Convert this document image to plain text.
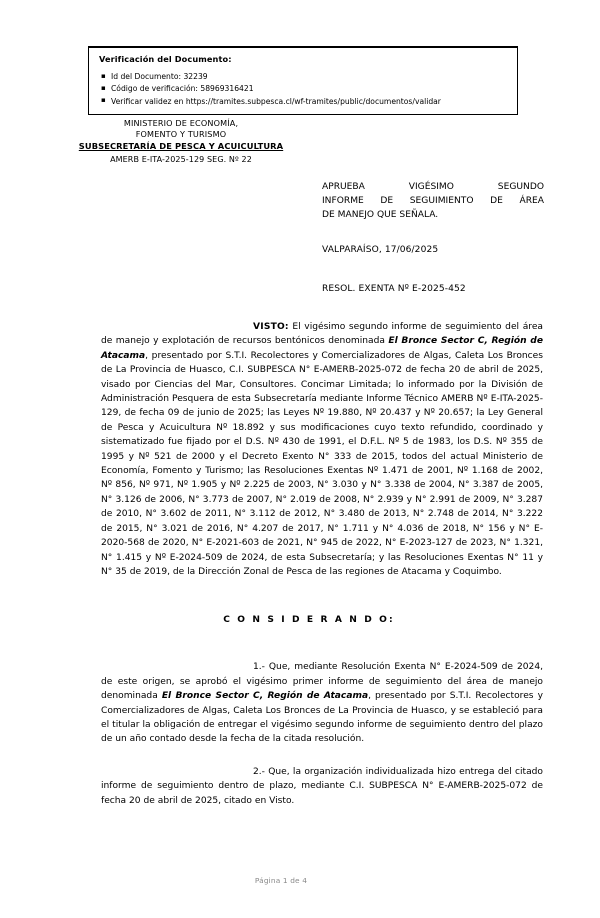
Verificación del Documento:
▪ Id del Documento: 32239
▪ Código de verificación: 58969316421
▪ Verificar validez en https://tramites.subpesca.cl/wf-tramites/public/documentos/validar
MINISTERIO DE ECONOMÍA,
FOMENTO Y TURISMO
SUBSECRETARÍA DE PESCA Y ACUICULTURA
AMERB E-ITA-2025-129 SEG. Nº 22
APRUEBA VIGÉSIMO SEGUNDO
INFORME DE SEGUIMIENTO DE ÁREA
DE MANEJO QUE SEÑALA.
VALPARAÍSO, 17/06/2025
RESOL. EXENTA Nº E-2025-452

VISTO: El vigésimo segundo informe de seguimiento del área de manejo y explotación de recursos bentónicos denominada El Bronce Sector C, Región de Atacama, presentado por S.T.I. Recolectores y Comercializadores de Algas, Caleta Los Bronces de La Provincia de Huasco, C.I. SUBPESCA N° E-AMERB-2025-072 de fecha 20 de abril de 2025, visado por Ciencias del Mar, Consultores. Concimar Limitada; lo informado por la División de Administración Pesquera de esta Subsecretaría mediante Informe Técnico AMERB Nº E-ITA-2025-129, de fecha 09 de junio de 2025; las Leyes Nº 19.880, Nº 20.437 y Nº 20.657; la Ley General de Pesca y Acuicultura Nº 18.892 y sus modificaciones cuyo texto refundido, coordinado y sistematizado fue fijado por el D.S. Nº 430 de 1991, el D.F.L. Nº 5 de 1983, los D.S. Nº 355 de 1995 y Nº 521 de 2000 y el Decreto Exento N° 333 de 2015, todos del actual Ministerio de Economía, Fomento y Turismo; las Resoluciones Exentas Nº 1.471 de 2001, Nº 1.168 de 2002, Nº 856, Nº 971, Nº 1.905 y Nº 2.225 de 2003, N° 3.030 y N° 3.338 de 2004, N° 3.387 de 2005, N° 3.126 de 2006, N° 3.773 de 2007, N° 2.019 de 2008, N° 2.939 y N° 2.991 de 2009, N° 3.287 de 2010, N° 3.602 de 2011, N° 3.112 de 2012, N° 3.480 de 2013, N° 2.748 de 2014, N° 3.222 de 2015, N° 3.021 de 2016, N° 4.207 de 2017, N° 1.711 y N° 4.036 de 2018, N° 156 y N° E-2020-568 de 2020, N° E-2021-603 de 2021, N° 945 de 2022, N° E-2023-127 de 2023, N° 1.321, N° 1.415 y Nº E-2024-509 de 2024, de esta Subsecretaría; y las Resoluciones Exentas N° 11 y N° 35 de 2019, de la Dirección Zonal de Pesca de las regiones de Atacama y Coquimbo.

C O N S I D E R A N D O:

1.- Que, mediante Resolución Exenta N° E-2024-509 de 2024, de este origen, se aprobó el vigésimo primer informe de seguimiento del área de manejo denominada El Bronce Sector C, Región de Atacama, presentado por S.T.I. Recolectores y Comercializadores de Algas, Caleta Los Bronces de La Provincia de Huasco, y se estableció para el titular la obligación de entregar el vigésimo segundo informe de seguimiento dentro del plazo de un año contado desde la fecha de la citada resolución.

2.- Que, la organización individualizada hizo entrega del citado informe de seguimiento dentro de plazo, mediante C.I. SUBPESCA N° E-AMERB-2025-072 de fecha 20 de abril de 2025, citado en Visto.

Página 1 de 4
